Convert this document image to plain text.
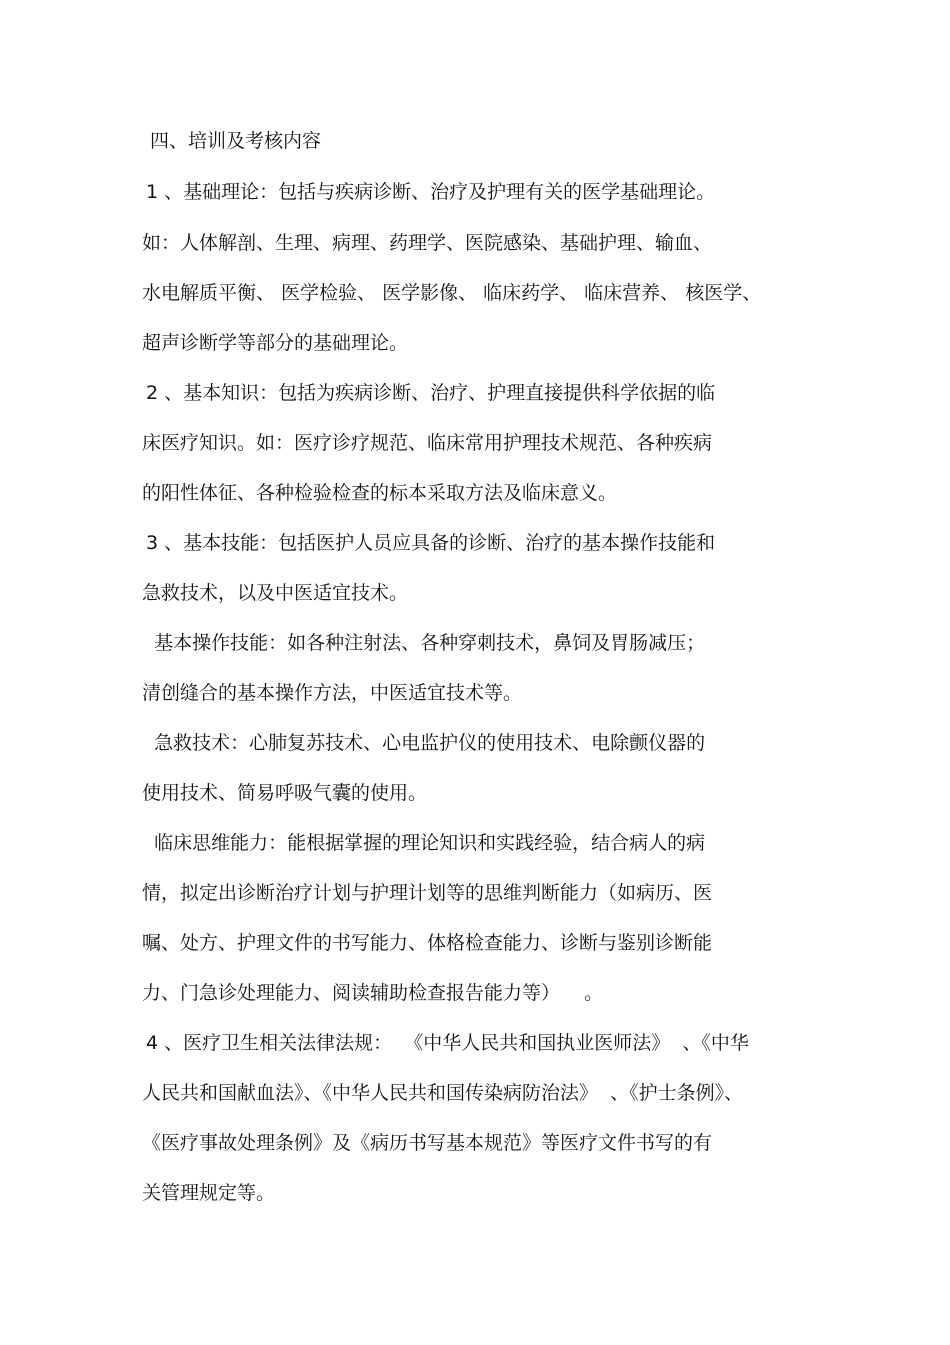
四、培训及考核内容
1 、基础理论：包括与疾病诊断、治疗及护理有关的医学基础理论。
如：人体解剖、生理、病理、药理学、医院感染、基础护理、输血、
水电解质平衡、 医学检验、 医学影像、 临床药学、 临床营养、 核医学、
超声诊断学等部分的基础理论。
2 、基本知识：包括为疾病诊断、治疗、护理直接提供科学依据的临
床医疗知识。如：医疗诊疗规范、临床常用护理技术规范、各种疾病
的阳性体征、各种检验检查的标本采取方法及临床意义。
3 、基本技能：包括医护人员应具备的诊断、治疗的基本操作技能和
急救技术，以及中医适宜技术。
基本操作技能：如各种注射法、各种穿刺技术，鼻饲及胃肠减压；
清创缝合的基本操作方法，中医适宜技术等。
急救技术：心肺复苏技术、心电监护仪的使用技术、电除颤仪器的
使用技术、简易呼吸气囊的使用。
临床思维能力：能根据掌握的理论知识和实践经验，结合病人的病
情，拟定出诊断治疗计划与护理计划等的思维判断能力（如病历、医
嘱、处方、护理文件的书写能力、体格检查能力、诊断与鉴别诊断能
力、门急诊处理能力、阅读辅助检查报告能力等）    。
4 、医疗卫生相关法律法规：  《中华人民共和国执业医师法》  、《中华
人民共和国献血法》、《中华人民共和国传染病防治法》  、《护士条例》、
《医疗事故处理条例》及《病历书写基本规范》等医疗文件书写的有
关管理规定等。
